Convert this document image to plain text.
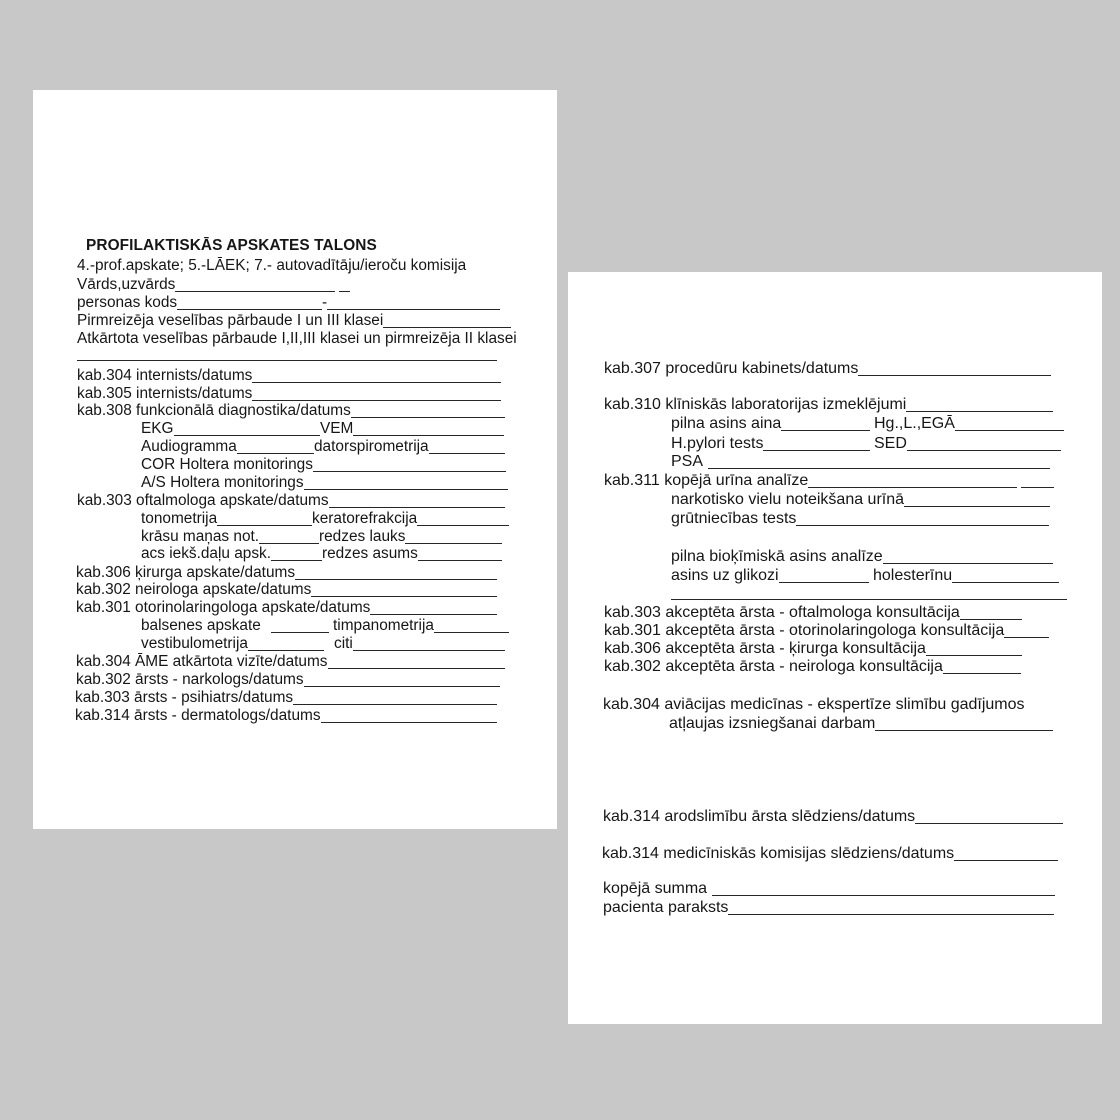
PROFILAKTISKĀS APSKATES TALONS
4.-prof.apskate; 5.-LĀEK; 7.- autovadītāju/ieroču komisija
Vārds,uzvārds
personas kods	-
Pirmreizēja veselības pārbaude I un III klasei
Atkārtota veselības pārbaude I,II,III klasei un pirmreizēja II klasei
kab.304 internists/datums
kab.305 internists/datums
kab.308 funkcionālā diagnostika/datums
EKG	VEM
Audiogramma	datorspirometrija
COR Holtera monitorings
A/S Holtera monitorings
kab.303 oftalmologa apskate/datums
tonometrija	keratorefrakcija
krāsu maņas not.	redzes lauks
acs iekš.daļu apsk.	redzes asums
kab.306 ķirurga apskate/datums
kab.302 neirologa apskate/datums
kab.301 otorinolaringologa apskate/datums
balsenes apskate	timpanometrija
vestibulometrija	citi
kab.304 ĀME atkārtota vizīte/datums
kab.302 ārsts - narkologs/datums
kab.303 ārsts - psihiatrs/datums
kab.314 ārsts - dermatologs/datums
kab.307 procedūru kabinets/datums
kab.310 klīniskās laboratorijas izmeklējumi
pilna asins aina	Hg.,L.,EGĀ
H.pylori tests	SED
PSA
kab.311 kopējā urīna analīze
narkotisko vielu noteikšana urīnā
grūtniecības tests
pilna bioķīmiskā asins analīze
asins uz glikozi	holesterīnu
kab.303 akceptēta ārsta - oftalmologa konsultācija
kab.301 akceptēta ārsta - otorinolaringologa konsultācija
kab.306 akceptēta ārsta - ķirurga konsultācija
kab.302 akceptēta ārsta - neirologa konsultācija
kab.304 aviācijas medicīnas - ekspertīze slimību gadījumos
atļaujas izsniegšanai darbam
kab.314 arodslimību ārsta slēdziens/datums
kab.314 medicīniskās komisijas slēdziens/datums
kopējā summa
pacienta paraksts
